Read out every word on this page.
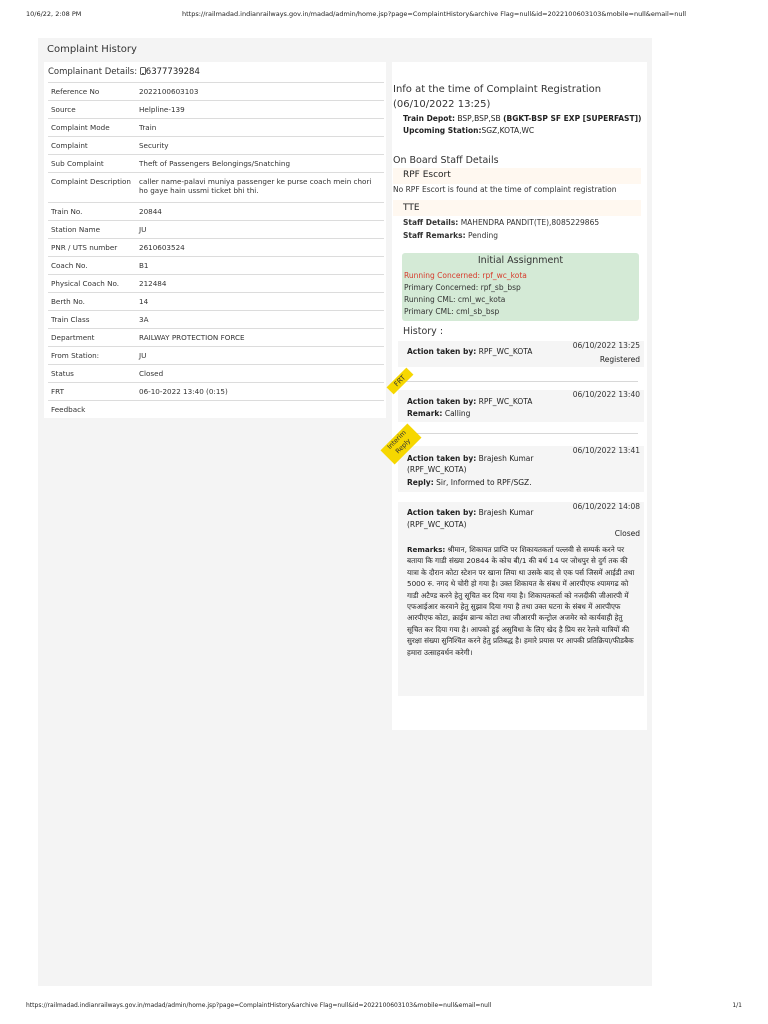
10/6/22, 2:08 PM	https://railmadad.indianrailways.gov.in/madad/admin/home.jsp?page=ComplaintHistory&archive Flag=null&id=2022100603103&mobile=null&email=null
Complaint History
Complainant Details: 6377739284
Reference No	2022100603103
Source	Helpline-139
Complaint Mode	Train
Complaint	Security
Sub Complaint	Theft of Passengers Belongings/Snatching
Complaint Description	caller name-palavi muniya passenger ke purse coach mein chori ho gaye hain ussmi ticket bhi thi.
Train No.	20844
Station Name	JU
PNR / UTS number	2610603524
Coach No.	B1
Physical Coach No.	212484
Berth No.	14
Train Class	3A
Department	RAILWAY PROTECTION FORCE
From Station:	JU
Status	Closed
FRT	06-10-2022 13:40 (0:15)
Feedback	
Info at the time of Complaint Registration (06/10/2022 13:25)
Train Depot: BSP,BSP,SB (BGKT-BSP SF EXP [SUPERFAST])
Upcoming Station:SGZ,KOTA,WC
On Board Staff Details
RPF Escort
No RPF Escort is found at the time of complaint registration
TTE
Staff Details: MAHENDRA PANDIT(TE),8085229865
Staff Remarks: Pending
Initial Assignment
Running Concerned: rpf_wc_kota
Primary Concerned: rpf_sb_bsp
Running CML: cml_wc_kota
Primary CML: cml_sb_bsp
History :
06/10/2022 13:25
Action taken by: RPF_WC_KOTA
Registered
06/10/2022 13:40
Action taken by: RPF_WC_KOTA
Remark: Calling
FRT
06/10/2022 13:41
Action taken by: Brajesh Kumar (RPF_WC_KOTA)
Reply: Sir, Informed to RPF/SGZ.
Interim Reply
06/10/2022 14:08
Action taken by: Brajesh Kumar (RPF_WC_KOTA)
Closed
Remarks: श्रीमान, शिकायत प्राप्ति पर शिकायतकर्ता पल्लवी से सम्पर्क करने पर बताया कि गाडी संख्या 20844 के कोच बी/1 की बर्थ 14 पर जोधपुर से दुर्ग तक की यात्रा के दौरान कोटा स्टेशन पर खाना लिया था उसके बाद से एक पर्स जिसमें आईडी तथा 5000 रु. नगद थे चोरी हो गया है। उक्त शिकायत के संबध में आरपीएफ श्यामगढ को गाडी अटैण्ड करने हेतु सूचित कर दिया गया है। शिकायतकर्ता को नजदीकी जीआरपी में एफआईआर करवाने हेतु सुझाव दिया गया है तथा उक्त घटना के संबध में आरपीएफ आरपीएफ कोटा, क्राईम ब्रान्च कोटा तथा जीआरपी कन्ट्रोल अजमेर को कार्यवाही हेतु सूचित कर दिया गया है। आपको हुई असुविधा के लिए खेद है प्रिय सर रेलवे यात्रियों की सुरक्षा संख्या सुनिश्चित करने हेतु प्रतिबद्ध है। हमारे प्रयास पर आपकी प्रतिक्रिया/फीडबैक हमारा उत्साहवर्धन करेगी।
https://railmadad.indianrailways.gov.in/madad/admin/home.jsp?page=ComplaintHistory&archive Flag=null&id=2022100603103&mobile=null&email=null	1/1
